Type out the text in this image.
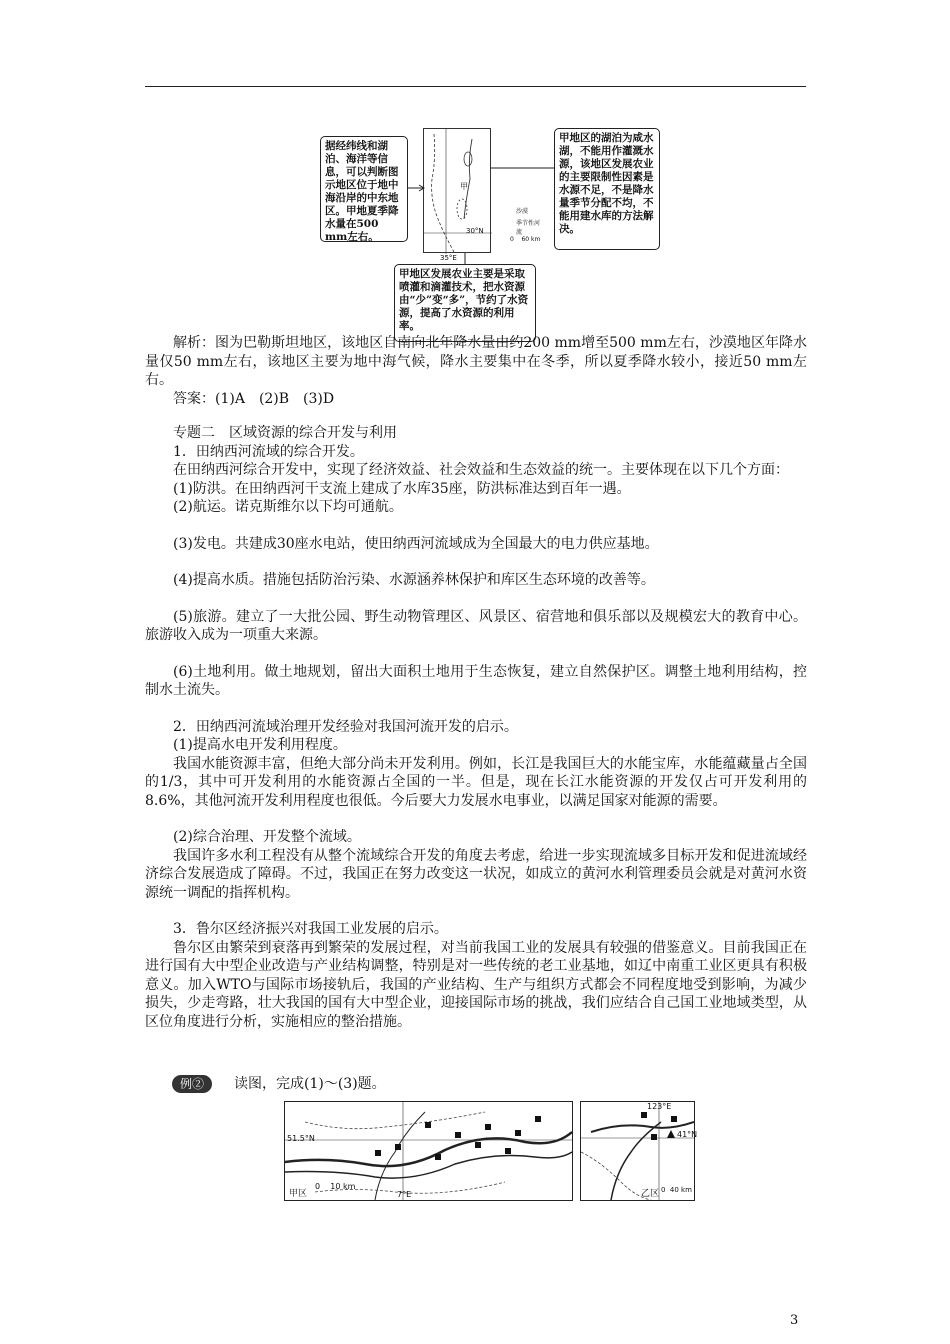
据经纬线和湖泊、海洋等信息，可以判断图示地区位于地中海沿岸的中东地区。甲地夏季降水量在500 mm左右。
甲
30°N
35°E
沙漠
季节性河流
0    60 km
甲地区的湖泊为咸水湖，不能用作灌溉水源，该地区发展农业的主要限制性因素是水源不足，不是降水量季节分配不均，不能用建水库的方法解决。
甲地区发展农业主要是采取喷灌和滴灌技术，把水资源由“少”变“多”，节约了水资源，提高了水资源的利用率。

解析：图为巴勒斯坦地区，该地区自南向北年降水量由约200 mm增至500 mm左右，沙漠地区年降水量仅50 mm左右，该地区主要为地中海气候，降水主要集中在冬季，所以夏季降水较小，接近50 mm左右。

答案：(1)A　(2)B　(3)D

专题二　区域资源的综合开发与利用

1．田纳西河流域的综合开发。

在田纳西河综合开发中，实现了经济效益、社会效益和生态效益的统一。主要体现在以下几个方面：

(1)防洪。在田纳西河干支流上建成了水库35座，防洪标准达到百年一遇。

(2)航运。诺克斯维尔以下均可通航。

(3)发电。共建成30座水电站，使田纳西河流域成为全国最大的电力供应基地。

(4)提高水质。措施包括防治污染、水源涵养林保护和库区生态环境的改善等。

(5)旅游。建立了一大批公园、野生动物管理区、风景区、宿营地和俱乐部以及规模宏大的教育中心。旅游收入成为一项重大来源。

(6)土地利用。做土地规划，留出大面积土地用于生态恢复，建立自然保护区。调整土地利用结构，控制水土流失。

2．田纳西河流域治理开发经验对我国河流开发的启示。

(1)提高水电开发利用程度。

我国水能资源丰富，但绝大部分尚未开发利用。例如，长江是我国巨大的水能宝库，水能蕴藏量占全国的1/3，其中可开发利用的水能资源占全国的一半。但是，现在长江水能资源的开发仅占可开发利用的8.6%，其他河流开发利用程度也很低。今后要大力发展水电事业，以满足国家对能源的需要。

(2)综合治理、开发整个流域。

我国许多水利工程没有从整个流域综合开发的角度去考虑，给进一步实现流域多目标开发和促进流域经济综合发展造成了障碍。不过，我国正在努力改变这一状况，如成立的黄河水利管理委员会就是对黄河水资源统一调配的指挥机构。

3．鲁尔区经济振兴对我国工业发展的启示。

鲁尔区由繁荣到衰落再到繁荣的发展过程，对当前我国工业的发展具有较强的借鉴意义。目前我国正在进行国有大中型企业改造与产业结构调整，特别是对一些传统的老工业基地，如辽中南重工业区更具有积极意义。加入WTO与国际市场接轨后，我国的产业结构、生产与组织方式都会不同程度地受到影响，为减少损失，少走弯路，壮大我国的国有大中型企业，迎接国际市场的挑战，我们应结合自己国工业地域类型，从区位角度进行分析，实施相应的整治措施。

例② 读图，完成(1)～(3)题。
51.5°N
7°E
甲区
0    10 km
123°E
41°N
乙区 0  40 km
3
